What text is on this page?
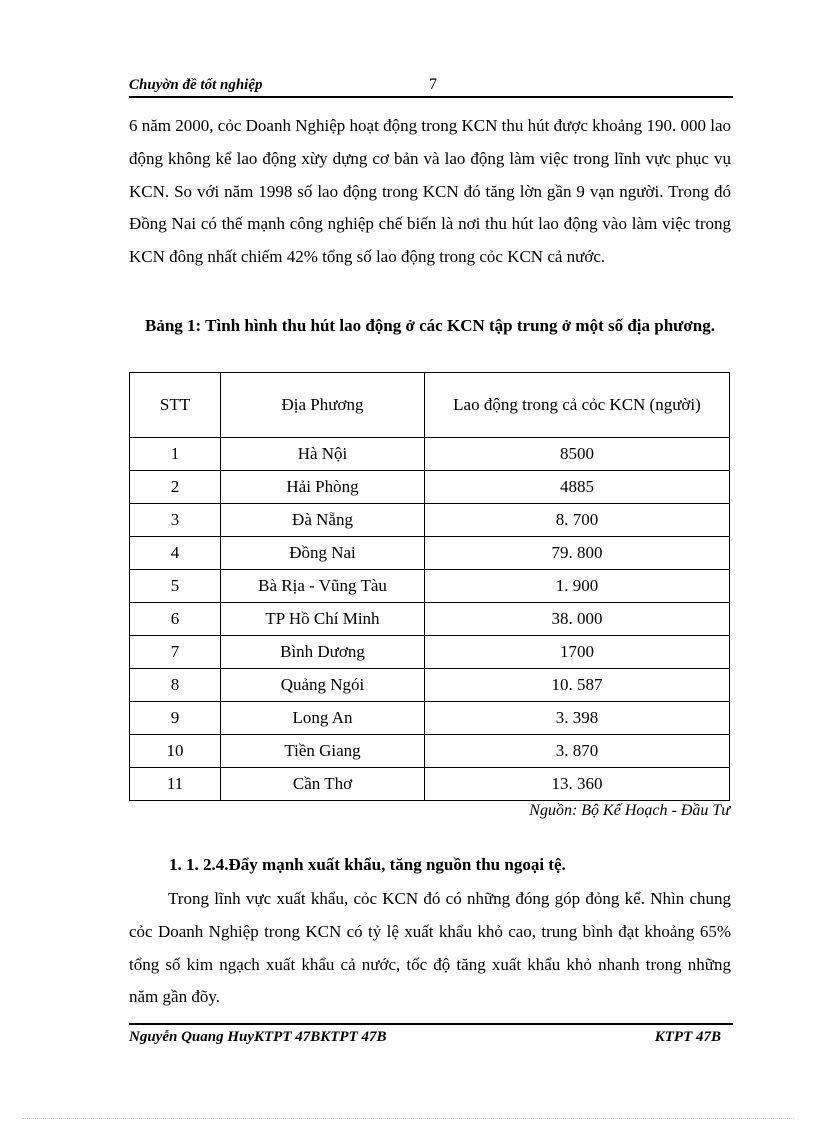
Chuyờn đề tốt nghiệp	7

6 năm 2000, cỏc Doanh Nghiệp hoạt động trong KCN thu hút được khoảng 190. 000 lao động không kể lao động xừy dựng cơ bản và lao động làm việc trong lĩnh vực phục vụ KCN. So với năm 1998 số lao động trong KCN đó tăng lờn gần 9 vạn người. Trong đó Đồng Nai có thế mạnh công nghiệp chế biến là nơi thu hút lao động vào làm việc trong KCN đông nhất chiếm 42% tổng số lao động trong cỏc KCN cả nước.

Bảng 1: Tình hình thu hút lao động ở các KCN tập trung ở một số địa phương.
STT	Địa Phương	Lao động trong cả cỏc KCN (người)
1	Hà Nội	8500
2	Hải Phòng	4885
3	Đà Nẵng	8. 700
4	Đồng Nai	79. 800
5	Bà Rịa - Vũng Tàu	1. 900
6	TP Hồ Chí Minh	38. 000
7	Bình Dương	1700
8	Quảng Ngói	10. 587
9	Long An	3. 398
10	Tiền Giang	3. 870
11	Cần Thơ	13. 360
Nguồn: Bộ Kế Hoạch - Đầu Tư
1. 1. 2.4.Đẩy mạnh xuất khẩu, tăng nguồn thu ngoại tệ.

Trong lĩnh vực xuất khẩu, cỏc KCN đó có những đóng góp đỏng kể. Nhìn chung cỏc Doanh Nghiệp trong KCN có tỷ lệ xuất khẩu khỏ cao, trung bình đạt khoảng 65% tổng số kim ngạch xuất khẩu cả nước, tốc độ tăng xuất khẩu khỏ nhanh trong những năm gần đõy.

Nguyễn Quang HuyKTPT 47BKTPT 47B	KTPT 47B
